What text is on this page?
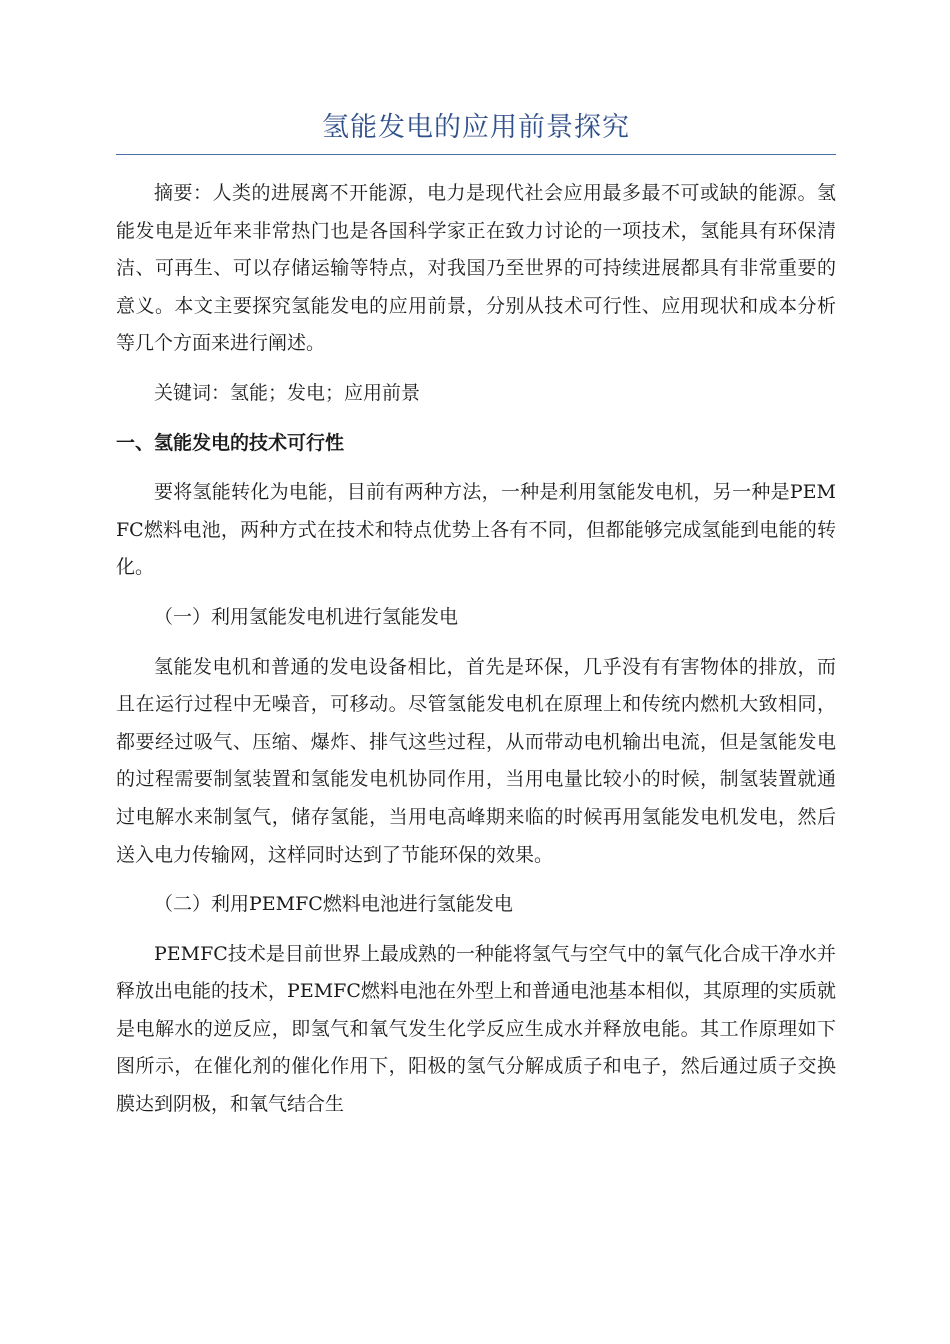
氢能发电的应用前景探究

摘要：人类的进展离不开能源，电力是现代社会应用最多最不可或缺的能源。氢能发电是近年来非常热门也是各国科学家正在致力讨论的一项技术，氢能具有环保清洁、可再生、可以存储运输等特点，对我国乃至世界的可持续进展都具有非常重要的意义。本文主要探究氢能发电的应用前景，分别从技术可行性、应用现状和成本分析等几个方面来进行阐述。

关键词：氢能；发电；应用前景

一、氢能发电的技术可行性

要将氢能转化为电能，目前有两种方法，一种是利用氢能发电机，另一种是PEMFC燃料电池，两种方式在技术和特点优势上各有不同，但都能够完成氢能到电能的转化。

（一）利用氢能发电机进行氢能发电

氢能发电机和普通的发电设备相比，首先是环保，几乎没有有害物体的排放，而且在运行过程中无噪音，可移动。尽管氢能发电机在原理上和传统内燃机大致相同，都要经过吸气、压缩、爆炸、排气这些过程，从而带动电机输出电流，但是氢能发电的过程需要制氢装置和氢能发电机协同作用，当用电量比较小的时候，制氢装置就通过电解水来制氢气，储存氢能，当用电高峰期来临的时候再用氢能发电机发电，然后送入电力传输网，这样同时达到了节能环保的效果。

（二）利用PEMFC燃料电池进行氢能发电

PEMFC技术是目前世界上最成熟的一种能将氢气与空气中的氧气化合成干净水并释放出电能的技术，PEMFC燃料电池在外型上和普通电池基本相似，其原理的实质就是电解水的逆反应，即氢气和氧气发生化学反应生成水并释放电能。其工作原理如下图所示，在催化剂的催化作用下，阳极的氢气分解成质子和电子，然后通过质子交换膜达到阴极，和氧气结合生
